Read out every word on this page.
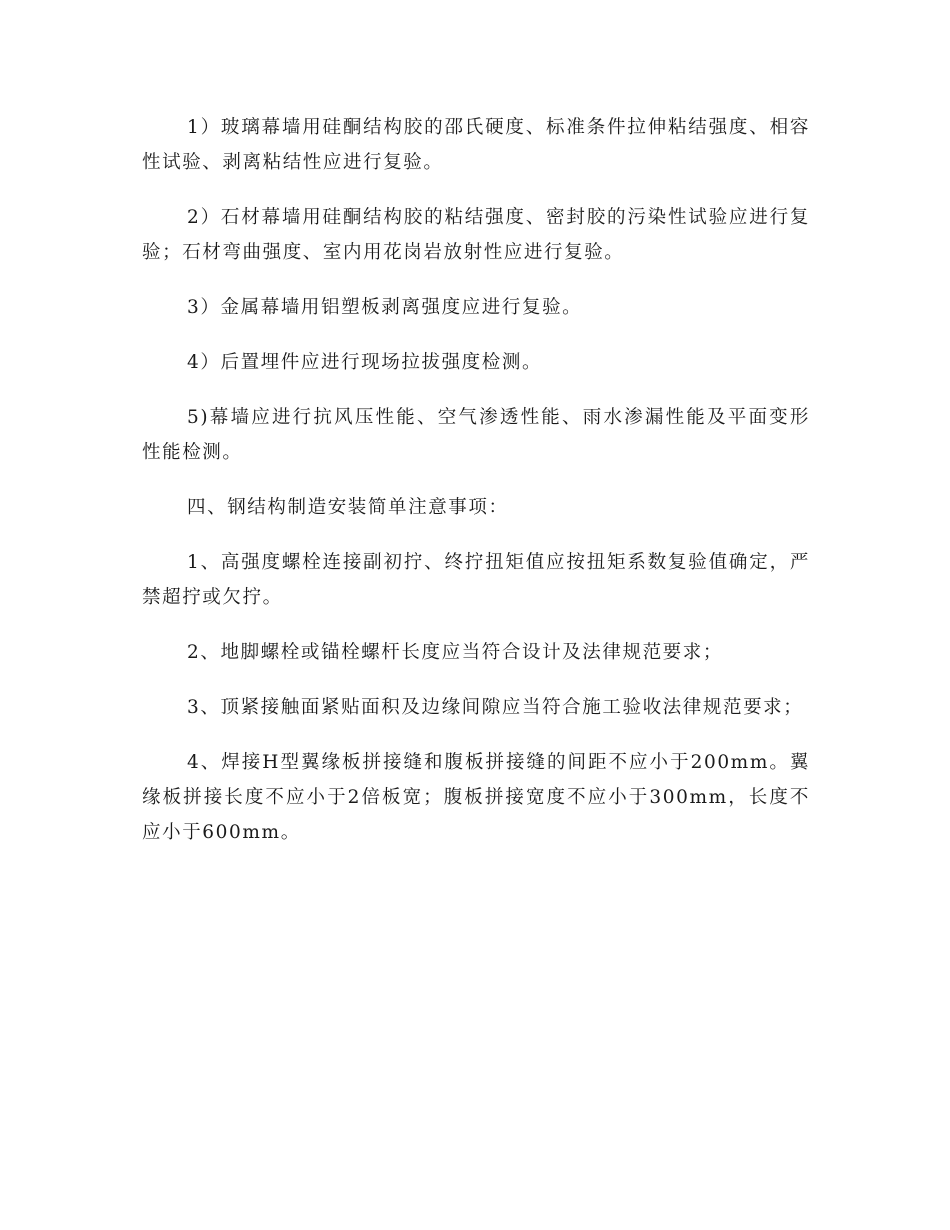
1）玻璃幕墙用硅酮结构胶的邵氏硬度、标准条件拉伸粘结强度、相容性试验、剥离粘结性应进行复验。

2）石材幕墙用硅酮结构胶的粘结强度、密封胶的污染性试验应进行复验；石材弯曲强度、室内用花岗岩放射性应进行复验。

3）金属幕墙用铝塑板剥离强度应进行复验。

4）后置埋件应进行现场拉拔强度检测。

5)幕墙应进行抗风压性能、空气渗透性能、雨水渗漏性能及平面变形性能检测。

四、钢结构制造安装简单注意事项：

1、高强度螺栓连接副初拧、终拧扭矩值应按扭矩系数复验值确定，严禁超拧或欠拧。

2、地脚螺栓或锚栓螺杆长度应当符合设计及法律规范要求；

3、顶紧接触面紧贴面积及边缘间隙应当符合施工验收法律规范要求；

4、焊接H型翼缘板拼接缝和腹板拼接缝的间距不应小于200mm。翼缘板拼接长度不应小于2倍板宽；腹板拼接宽度不应小于300mm，长度不应小于600mm。
